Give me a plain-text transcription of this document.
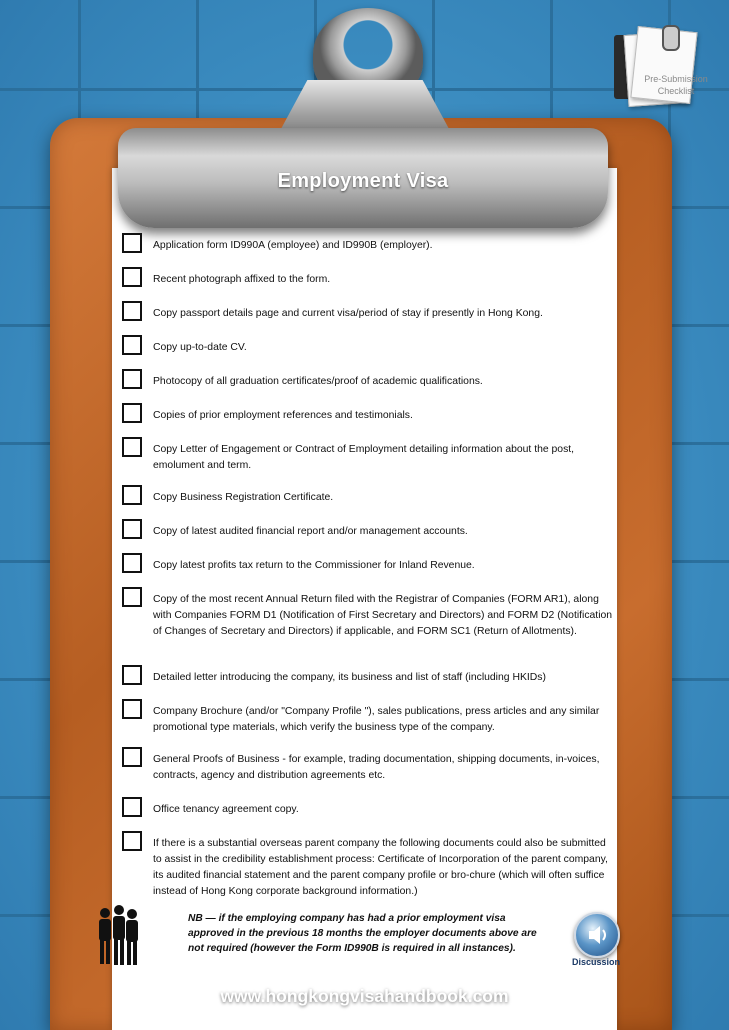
Employment Visa
Pre-Submission Checklist
Application form ID990A (employee) and ID990B (employer).
Recent photograph affixed to the form.
Copy passport details page and current visa/period of stay if presently in Hong Kong.
Copy up-to-date CV.
Photocopy of all graduation certificates/proof of academic qualifications.
Copies of prior employment references and testimonials.
Copy Letter of Engagement or Contract of Employment detailing information about the post, emolument and term.
Copy Business Registration Certificate.
Copy of latest audited financial report and/or management accounts.
Copy latest profits tax return to the Commissioner for Inland Revenue.
Copy of the most recent Annual Return filed with the Registrar of Companies (FORM AR1), along with Companies FORM D1 (Notification of First Secretary and Directors) and FORM D2 (Notification of Changes of Secretary and Directors) if applicable, and FORM SC1 (Return of Allotments).
Detailed letter introducing the company, its business and list of staff (including HKIDs)
Company Brochure (and/or "Company Profile "), sales publications, press articles and any similar promotional type materials, which verify the business type of the company.
General Proofs of Business - for example, trading documentation, shipping documents, in-voices, contracts, agency and distribution agreements etc.
Office tenancy agreement copy.
If there is a substantial overseas parent company the following documents could also be submitted to assist in the credibility establishment process: Certificate of Incorporation of the parent company, its audited financial statement and the parent company profile or bro-chure (which will often suffice instead of Hong Kong corporate background information.)
NB — if the employing company has had a prior employment visa approved in the previous 18 months the employer documents above are not required (however the Form ID990B is required in all instances).
Discussion
www.hongkongvisahandbook.com
